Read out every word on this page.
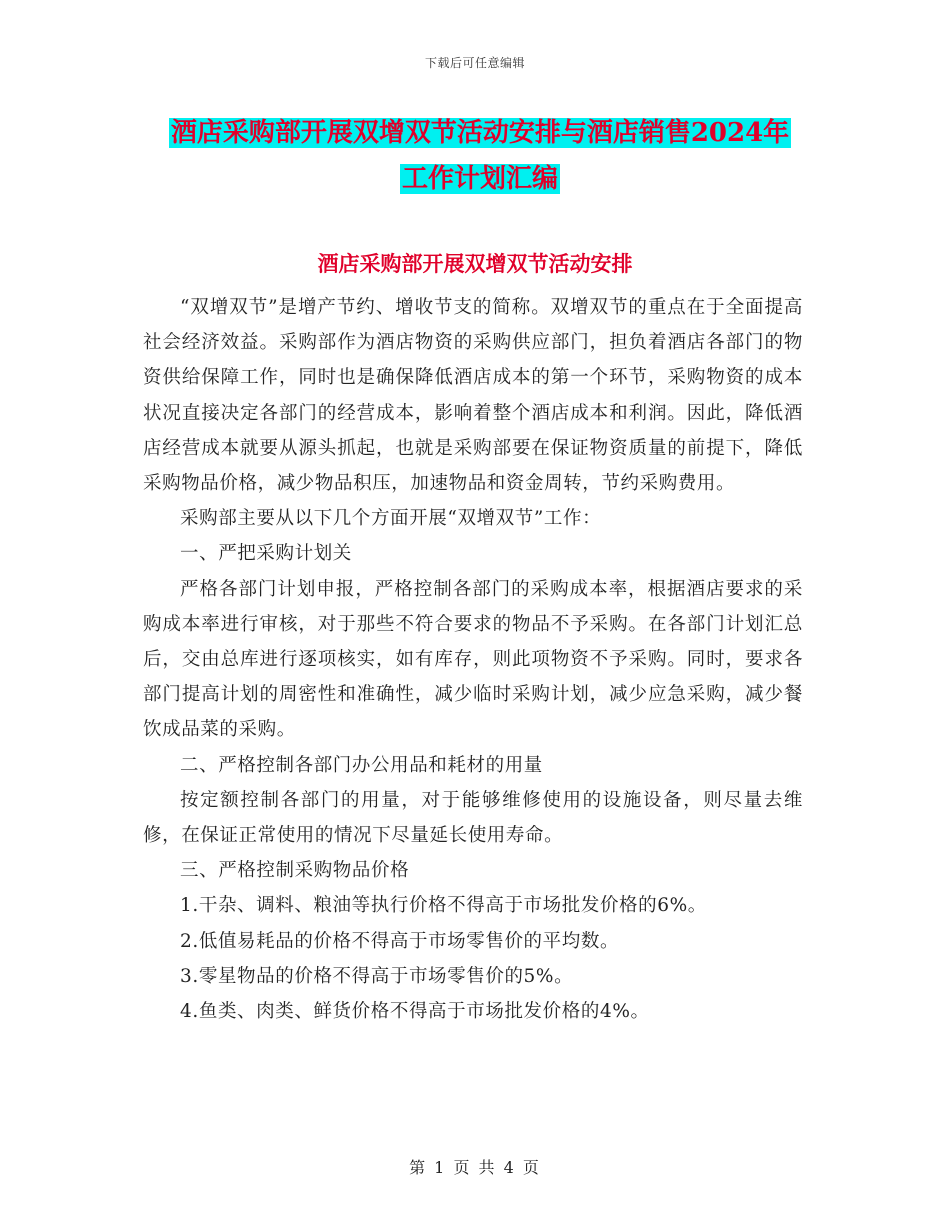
下载后可任意编辑
酒店采购部开展双增双节活动安排与酒店销售2024年
工作计划汇编
酒店采购部开展双增双节活动安排

“双增双节”是增产节约、增收节支的简称。双增双节的重点在于全面提高社会经济效益。采购部作为酒店物资的采购供应部门，担负着酒店各部门的物资供给保障工作，同时也是确保降低酒店成本的第一个环节，采购物资的成本状况直接决定各部门的经营成本，影响着整个酒店成本和利润。因此，降低酒店经营成本就要从源头抓起，也就是采购部要在保证物资质量的前提下，降低采购物品价格，减少物品积压，加速物品和资金周转，节约采购费用。

采购部主要从以下几个方面开展“双增双节”工作：

一、严把采购计划关

严格各部门计划申报，严格控制各部门的采购成本率，根据酒店要求的采购成本率进行审核，对于那些不符合要求的物品不予采购。在各部门计划汇总后，交由总库进行逐项核实，如有库存，则此项物资不予采购。同时，要求各部门提高计划的周密性和准确性，减少临时采购计划，减少应急采购，减少餐饮成品菜的采购。

二、严格控制各部门办公用品和耗材的用量

按定额控制各部门的用量，对于能够维修使用的设施设备，则尽量去维修，在保证正常使用的情况下尽量延长使用寿命。

三、严格控制采购物品价格

1.干杂、调料、粮油等执行价格不得高于市场批发价格的6%。

2.低值易耗品的价格不得高于市场零售价的平均数。

3.零星物品的价格不得高于市场零售价的5%。

4.鱼类、肉类、鲜货价格不得高于市场批发价格的4%。

第 1 页 共 4 页
